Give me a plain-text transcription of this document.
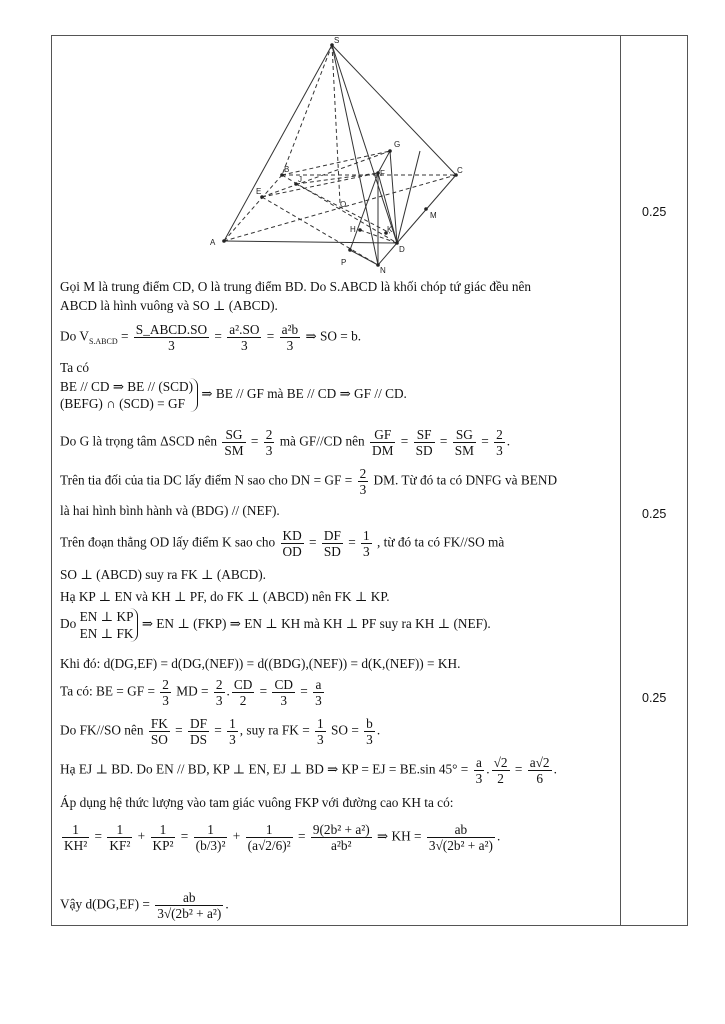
S
G
B	C
F
E
O
M
A
H	K
D
P
N
J
0.25
0.25
0.25
Gọi M là trung điểm CD, O là trung điểm BD. Do S.ABCD là khối chóp tứ giác đều nên
ABCD là hình vuông và SO ⊥ (ABCD).
Do $V_{S.ABCD} = \frac{\text{S\_ABCD.SO}}{3} = \frac{\text{a².SO}}{3} = \frac{\text{a²b}}{3}$ ⇒ SO = b.
Ta có
BE // CD ⇒ BE // (SCD)
(BEFG) ∩ (SCD) = GF ⇒ BE // GF mà BE // CD ⇒ GF // CD.
Do G là trọng tâm ΔSCD nên $\frac{SG}{SM} = \frac{2}{3}$ mà GF//CD nên $\frac{GF}{DM} = \frac{SF}{SD} = \frac{SG}{SM} = \frac{2}{3}$ .
Trên tia đối của tia DC lấy điểm N sao cho DN = GF = $\frac{2}{3}$ DM. Từ đó ta có DNFG và BEND
là hai hình bình hành và (BDG) // (NEF).
Trên đoạn thẳng OD lấy điểm K sao cho $\frac{KD}{OD} = \frac{DF}{SD} = \frac{1}{3}$ , từ đó ta có FK//SO mà
SO ⊥ (ABCD) suy ra FK ⊥ (ABCD).
Hạ KP ⊥ EN và KH ⊥ PF, do FK ⊥ (ABCD) nên FK ⊥ KP.
Do EN ⊥ KP
EN ⊥ FK ⇒ EN ⊥ (FKP) ⇒ EN ⊥ KH mà KH ⊥ PF suy ra KH ⊥ (NEF).
Khi đó: d(DG,EF) = d(DG,(NEF)) = d((BDG),(NEF)) = d(K,(NEF)) = KH.
Ta có: BE = GF = $\frac{2}{3}$ MD = $\frac{2}{3}$ . $\frac{CD}{2} = \frac{CD}{3} = \frac{a}{3}$
Do FK//SO nên $\frac{FK}{SO} = \frac{DF}{DS} = \frac{1}{3}$ , suy ra FK = $\frac{1}{3}$ SO = $\frac{b}{3}$ .
Hạ EJ ⊥ BD. Do EN // BD, KP ⊥ EN, EJ ⊥ BD ⇒ KP = EJ = BE.sin $45^\circ = \frac{a}{3}$ . $\frac{√2}{2} = \frac{a√2}{6}$ .
Áp dụng hệ thức lượng vào tam giác vuông FKP với đường cao KH ta có:
$\frac{1}{\text{KH²}} = \frac{1}{\text{KF²}} + \frac{1}{\text{KP²}} = \frac{1}{\text{(b/3)²}} + \frac{1}{\text{(a√2/6)²}} = \frac{\text{9(2b² + a²)}}{\text{a²b²}}$ ⇒ KH = $\frac{ab}{\text{3√(2b² + a²)}}$ .
Vậy $d(DG,EF) = \frac{ab}{\text{3√(2b² + a²)}}$ .
